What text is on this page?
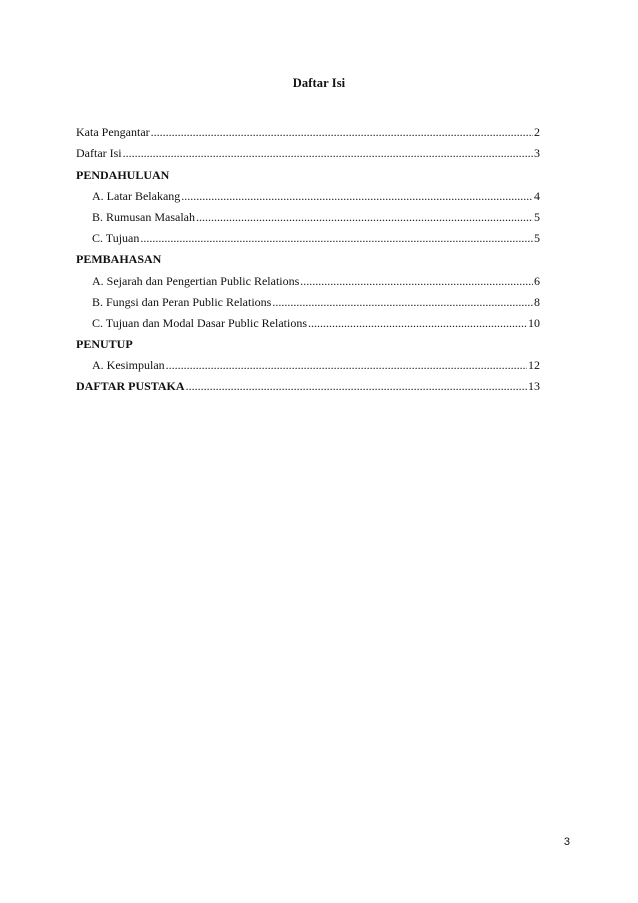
Daftar Isi
Kata Pengantar .....	2
Daftar Isi .....	3
PENDAHULUAN
A. Latar Belakang .....	4
B. Rumusan Masalah .....	5
C. Tujuan .....	5
PEMBAHASAN
A. Sejarah dan Pengertian Public Relations .....	6
B. Fungsi dan Peran Public Relations .....	8
C. Tujuan dan Modal Dasar Public Relations .....	10
PENUTUP
A. Kesimpulan .....	12
DAFTAR PUSTAKA .....	13
3
